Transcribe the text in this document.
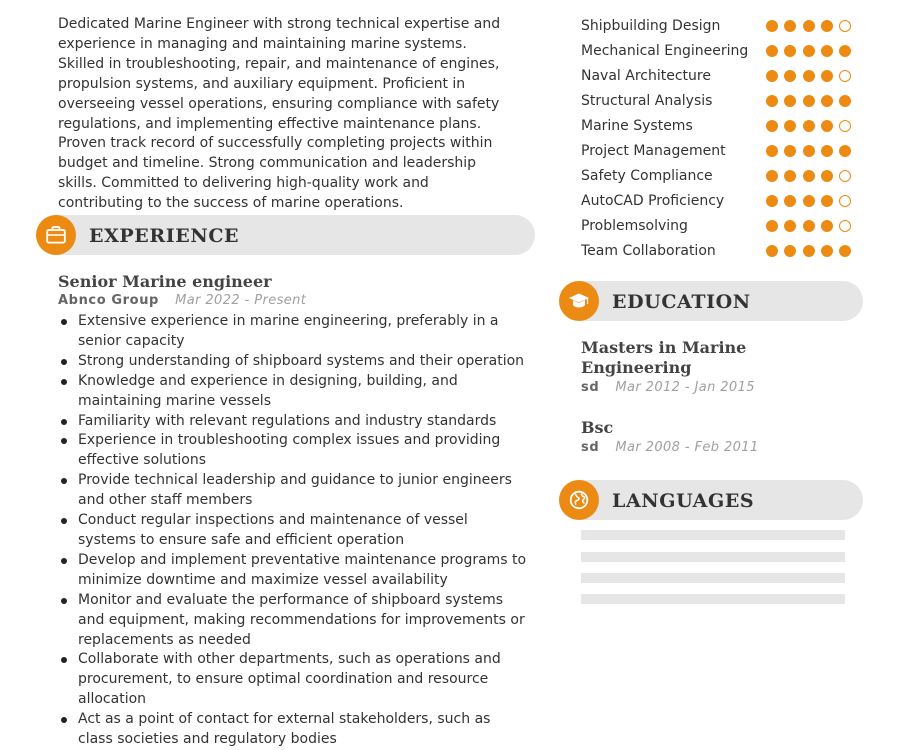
Dedicated Marine Engineer with strong technical expertise and experience in managing and maintaining marine systems. Skilled in troubleshooting, repair, and maintenance of engines, propulsion systems, and auxiliary equipment. Proficient in overseeing vessel operations, ensuring compliance with safety regulations, and implementing effective maintenance plans. Proven track record of successfully completing projects within budget and timeline. Strong communication and leadership skills. Committed to delivering high-quality work and contributing to the success of marine operations.

EXPERIENCE
Senior Marine engineer
Abnco Group Mar 2022 - Present
Extensive experience in marine engineering, preferably in a senior capacity
Strong understanding of shipboard systems and their operation
Knowledge and experience in designing, building, and maintaining marine vessels
Familiarity with relevant regulations and industry standards
Experience in troubleshooting complex issues and providing effective solutions
Provide technical leadership and guidance to junior engineers and other staff members
Conduct regular inspections and maintenance of vessel systems to ensure safe and efficient operation
Develop and implement preventative maintenance programs to minimize downtime and maximize vessel availability
Monitor and evaluate the performance of shipboard systems and equipment, making recommendations for improvements or replacements as needed
Collaborate with other departments, such as operations and procurement, to ensure optimal coordination and resource allocation
Act as a point of contact for external stakeholders, such as class societies and regulatory bodies
Shipbuilding Design
Mechanical Engineering
Naval Architecture
Structural Analysis
Marine Systems
Project Management
Safety Compliance
AutoCAD Proficiency
Problemsolving
Team Collaboration
EDUCATION
Masters in Marine Engineering
sd Mar 2012 - Jan 2015
Bsc
sd Mar 2008 - Feb 2011
LANGUAGES
